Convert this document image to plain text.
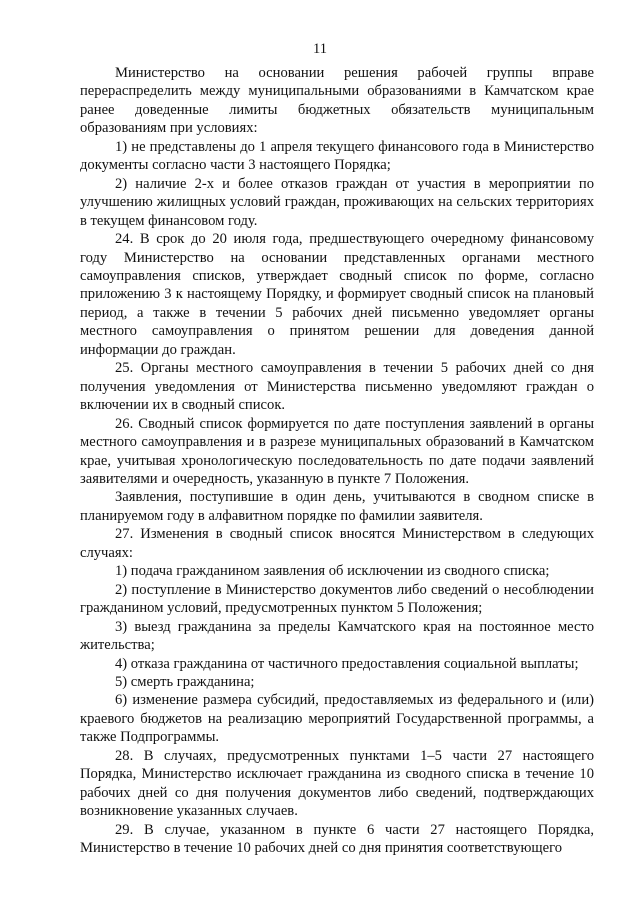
11

Министерство на основании решения рабочей группы вправе перераспределить между муниципальными образованиями в Камчатском крае ранее доведенные лимиты бюджетных обязательств муниципальным образованиям при условиях:

1) не представлены до 1 апреля текущего финансового года в Министерство документы согласно части 3 настоящего Порядка;

2) наличие 2-х и более отказов граждан от участия в мероприятии по улучшению жилищных условий граждан, проживающих на сельских территориях в текущем финансовом году.

24. В срок до 20 июля года, предшествующего очередному финансовому году Министерство на основании представленных органами местного самоуправления списков, утверждает сводный список по форме, согласно приложению 3 к настоящему Порядку, и формирует сводный список на плановый период, а также в течении 5 рабочих дней письменно уведомляет органы местного самоуправления о принятом решении для доведения данной информации до граждан.

25. Органы местного самоуправления в течении 5 рабочих дней со дня получения уведомления от Министерства письменно уведомляют граждан о включении их в сводный список.

26. Сводный список формируется по дате поступления заявлений в органы местного самоуправления и в разрезе муниципальных образований в Камчатском крае, учитывая хронологическую последовательность по дате подачи заявлений заявителями и очередность, указанную в пункте 7 Положения.

Заявления, поступившие в один день, учитываются в сводном списке в планируемом году в алфавитном порядке по фамилии заявителя.

27. Изменения в сводный список вносятся Министерством в следующих случаях:

1) подача гражданином заявления об исключении из сводного списка;

2) поступление в Министерство документов либо сведений о несоблюдении гражданином условий, предусмотренных пунктом 5 Положения;

3) выезд гражданина за пределы Камчатского края на постоянное место жительства;

4) отказа гражданина от частичного предоставления социальной выплаты;

5) смерть гражданина;

6) изменение размера субсидий, предоставляемых из федерального и (или) краевого бюджетов на реализацию мероприятий Государственной программы, а также Подпрограммы.

28. В случаях, предусмотренных пунктами 1–5 части 27 настоящего Порядка, Министерство исключает гражданина из сводного списка в течение 10 рабочих дней со дня получения документов либо сведений, подтверждающих возникновение указанных случаев.

29. В случае, указанном в пункте 6 части 27 настоящего Порядка, Министерство в течение 10 рабочих дней со дня принятия соответствующего
